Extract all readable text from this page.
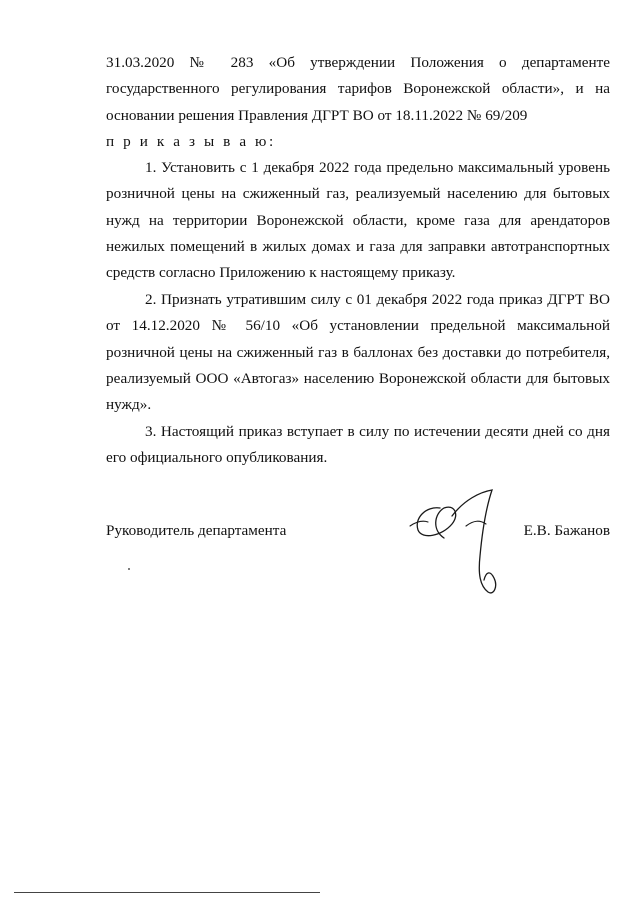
31.03.2020 № 283 «Об утверждении Положения о департаменте
государственного регулирования тарифов Воронежской области», и на
основании решения Правления ДГРТ ВО от 18.11.2022 № 69/209
п р и к а з ы в а ю:
1. Установить с 1 декабря 2022 года предельно максимальный уровень
розничной цены на сжиженный газ, реализуемый населению для бытовых
нужд на территории Воронежской области, кроме газа для арендаторов
нежилых помещений в жилых домах и газа для заправки автотранспортных
средств согласно Приложению к настоящему приказу.
2. Признать утратившим силу с 01 декабря 2022 года приказ ДГРТ ВО
от 14.12.2020 № 56/10 «Об установлении предельной максимальной
розничной цены на сжиженный газ в баллонах без доставки до потребителя,
реализуемый ООО «Автогаз» населению Воронежской области для бытовых
нужд».
3. Настоящий приказ вступает в силу по истечении десяти дней со дня
его официального опубликования.
Руководитель департамента	Е.В. Бажанов
